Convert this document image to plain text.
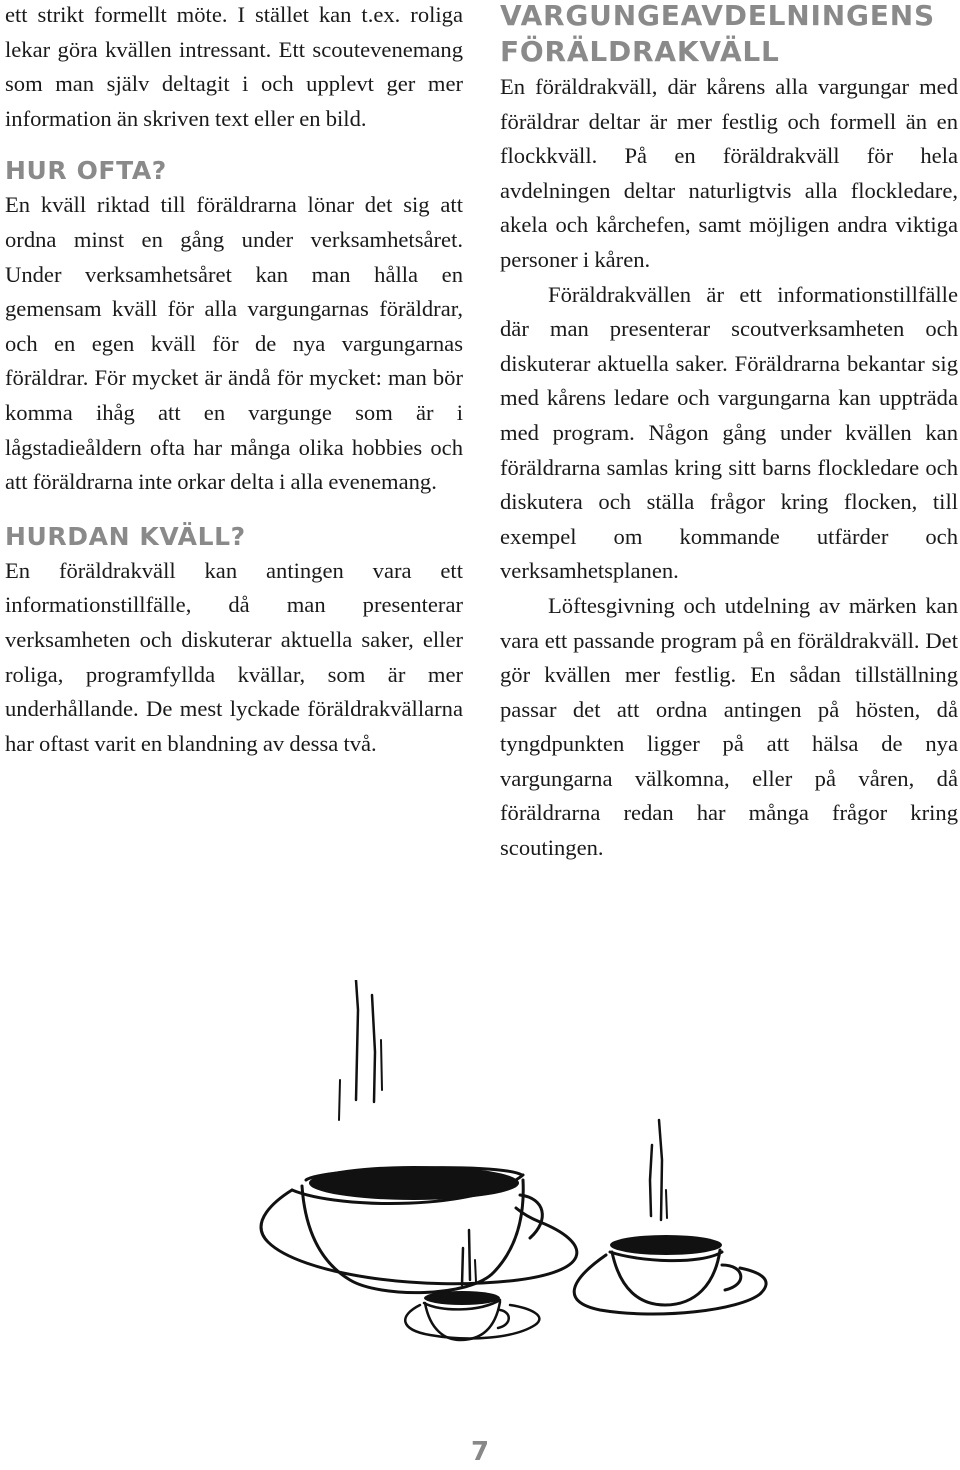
ett strikt formellt möte. I stället kan t.ex. roliga lekar göra kvällen intressant. Ett scoutevenemang som man själv deltagit i och upplevt ger mer information än skriven text eller en bild.

HUR OFTA?

En kväll riktad till föräldrarna lönar det sig att ordna minst en gång under verksamhetsåret. Under verksamhetsåret kan man hålla en gemensam kväll för alla vargungarnas föräldrar, och en egen kväll för de nya vargungarnas föräldrar. För mycket är ändå för mycket: man bör komma ihåg att en vargunge som är i lågstadieåldern ofta har många olika hobbies och att föräldrarna inte orkar delta i alla evenemang.

HURDAN KVÄLL?

En föräldrakväll kan antingen vara ett informationstillfälle, då man presenterar verksamheten och diskuterar aktuella saker, eller roliga, programfyllda kvällar, som är mer underhållande. De mest lyckade föräldrakvällarna har oftast varit en blandning av dessa två.

VARGUNGEAVDELNINGENS FÖRÄLDRAKVÄLL

En föräldrakväll, där kårens alla vargungar med föräldrar deltar är mer festlig och formell än en flockkväll. På en föräldrakväll för hela avdelningen deltar naturligtvis alla flockledare, akela och kårchefen, samt möjligen andra viktiga personer i kåren.

Föräldrakvällen är ett informationstillfälle där man presenterar scoutverksamheten och diskuterar aktuella saker. Föräldrarna bekantar sig med kårens ledare och vargungarna kan uppträda med program. Någon gång under kvällen kan föräldrarna samlas kring sitt barns flockledare och diskutera och ställa frågor kring flocken, till exempel om kommande utfärder och verksamhetsplanen.

Löftesgivning och utdelning av märken kan vara ett passande program på en föräldrakväll. Det gör kvällen mer festlig. En sådan tillställning passar det att ordna antingen på hösten, då tyngdpunkten ligger på att hälsa de nya vargungarna välkomna, eller på våren, då föräldrarna redan har många frågor kring scoutingen.

7
